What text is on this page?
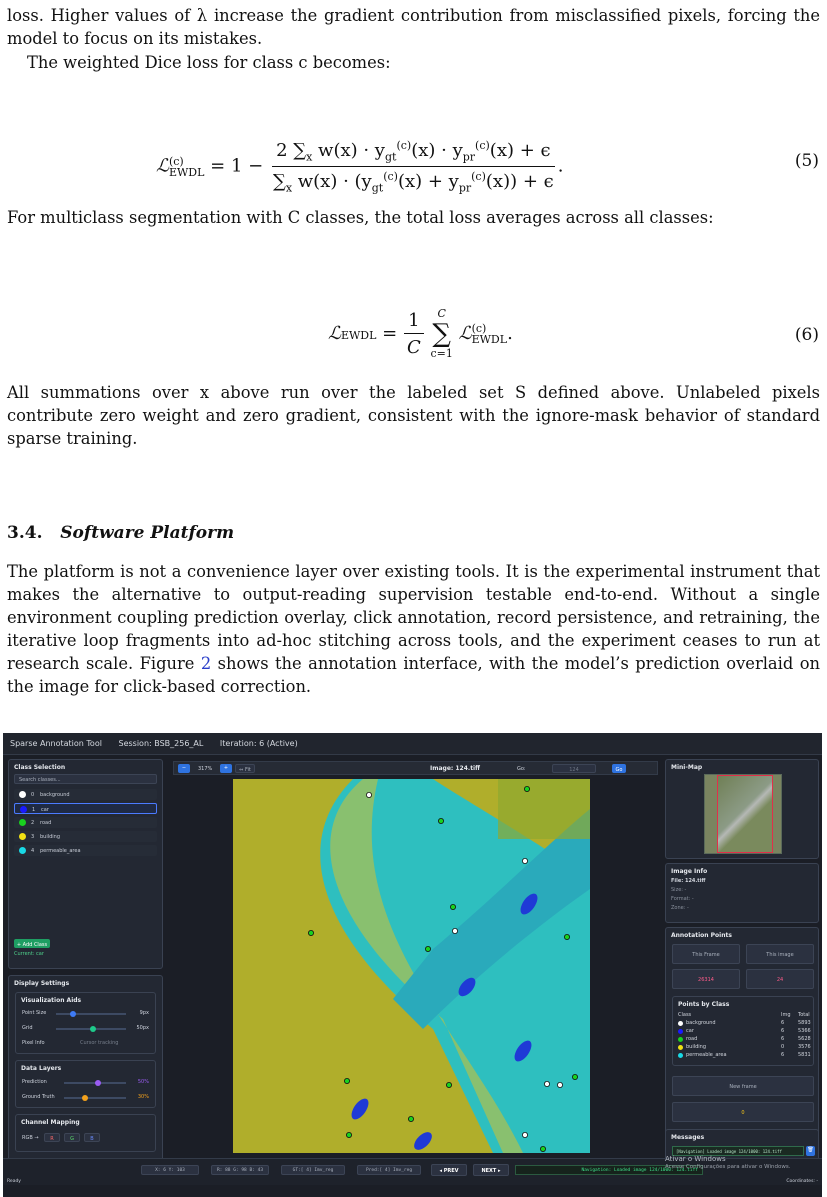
loss. Higher values of λ increase the gradient contribution from misclassified pixels, forcing the model to focus on its mistakes.
The weighted Dice loss for class c becomes:
ℒ (c)
EWDL = $1 - \frac{2 \sum_x w(x) \cdot y_{gt}^{(c)}(x) \cdot y_{pr}^{(c)}(x) + \epsilon}{\sum_x w(x) \cdot (y_{gt}^{(c)}(x) + y_{pr}^{(c)}(x)) + \epsilon}$ .	(5)
For multiclass segmentation with C classes, the total loss averages across all classes:
ℒEWDL = $\frac{1}{C}$
C
∑
c=1
ℒ (c)
EWDL .	(6)
All summations over x above run over the labeled set S defined above. Unlabeled pixels contribute zero weight and zero gradient, consistent with the ignore-mask behavior of standard sparse training.
3.4. Software Platform
The platform is not a convenience layer over existing tools. It is the experimental instrument that makes the alternative to output-reading supervision testable end-to-end. Without a single environment coupling prediction overlay, click annotation, record persistence, and retraining, the iterative loop fragments into ad-hoc stitching across tools, and the experiment ceases to run at research scale. Figure 2 shows the annotation interface, with the model’s prediction overlaid on the image for click-based correction.
Sparse Annotation Tool Session: BSB_256_AL Iteration: 6 (Active)
Class Selection
Search classes...
0 background
1 car
2 road
3 building
4 permeable_area
+ Add Class
Current: car
Display Settings
Visualization Aids
Point Size	9px
Grid	50px
Pixel Info	Cursor tracking
Data Layers
Prediction	50%
Ground Truth	30%
Channel Mapping
RGB →	R	G	B
−	317%	+	⇔ Fit	Image: 124.tiff	Go:	124	Go	Mini-Map
Image Info
File: 124.tiff
Size: -
Format: -
Zone: -
Annotation Points
This Frame	This image
26314	24
Points by Class
Class	Img Total
background	6	5893
car	6	5366
road	6	5628
building	0	3576
permeable_area	6	5831
New frame
0
Messages
[Navigation] Loaded image 124/1000: 124.tiff	🗑
X: 6 Y: 103	R: 88 G: 98 B: 43	GT:[ 4] Imv_reg	Pred:[ 4] Imv_reg	◂ PREV	NEXT ▸	Navigation: Loaded image 124/1000: 124.tiff
Ativar o Windows
Acesse Configurações para ativar o Windows.
Ready	Coordinates: -
